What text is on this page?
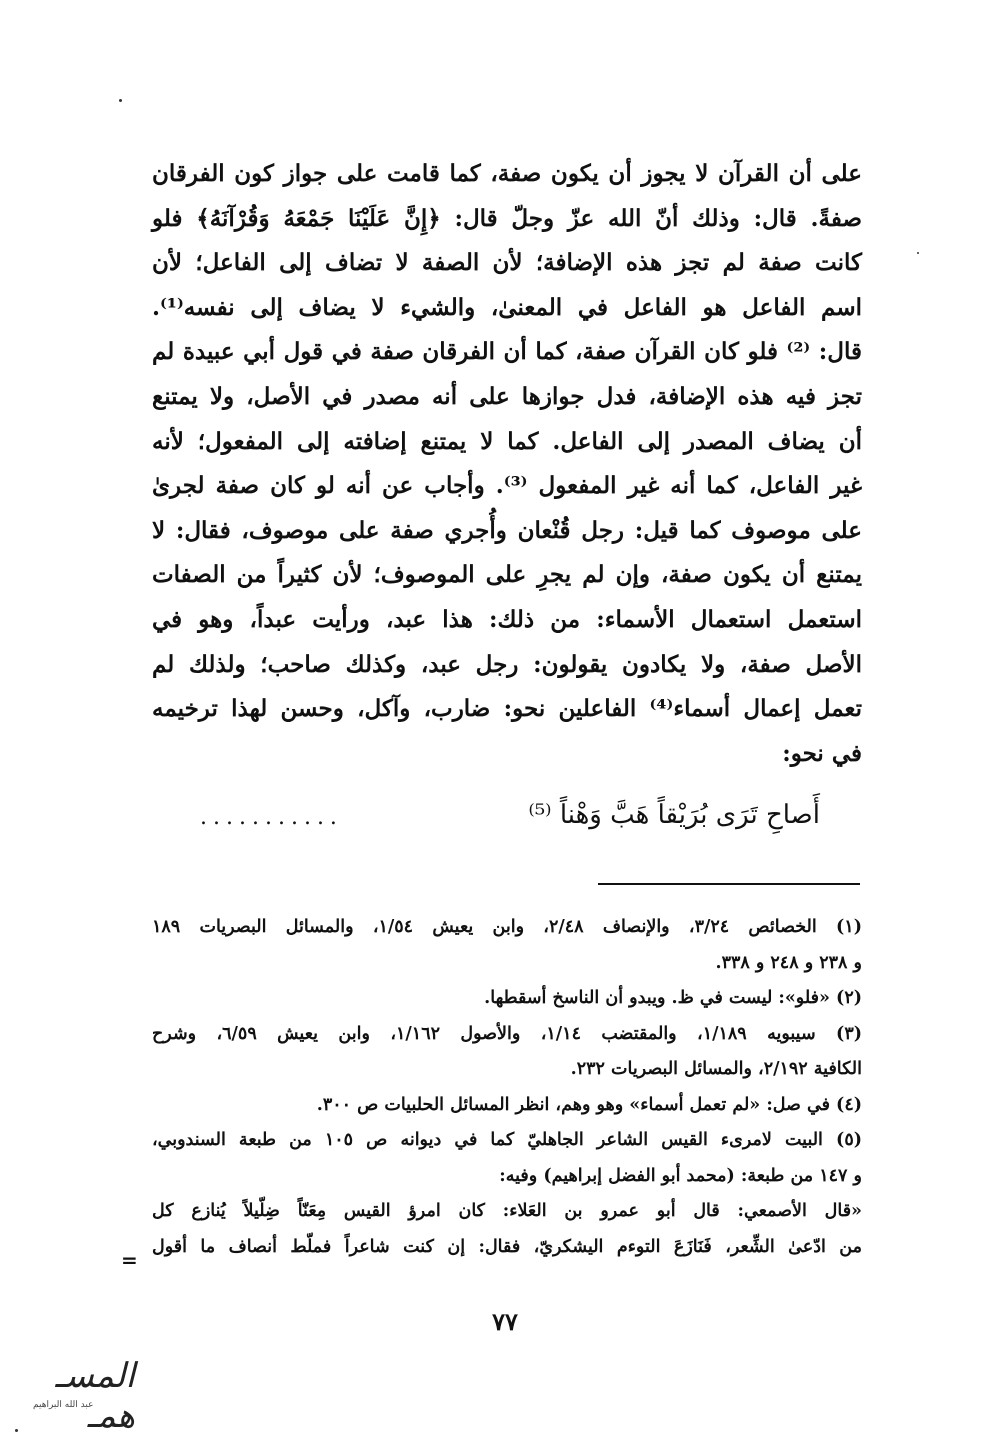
على أن القرآن لا يجوز أن يكون صفة، كما قامت على جواز كون الفرقان
صفةً. قال: وذلك أنّ الله عزّ وجلّ قال: ﴿إِنَّ عَلَيْنَا جَمْعَهُ وَقُرْآنَهُ﴾ فلو
كانت صفة لم تجز هذه الإضافة؛ لأن الصفة لا تضاف إلى الفاعل؛ لأن
اسم الفاعل هو الفاعل في المعنىٰ، والشيء لا يضاف إلى نفسه⁽¹⁾.
قال: ⁽²⁾ فلو كان القرآن صفة، كما أن الفرقان صفة في قول أبي عبيدة لم
تجز فيه هذه الإضافة، فدل جوازها على أنه مصدر في الأصل، ولا يمتنع
أن يضاف المصدر إلى الفاعل. كما لا يمتنع إضافته إلى المفعول؛ لأنه
غير الفاعل، كما أنه غير المفعول ⁽³⁾. وأجاب عن أنه لو كان صفة لجرىٰ
على موصوف كما قيل: رجل قُنْعان وأُجري صفة على موصوف، فقال: لا
يمتنع أن يكون صفة، وإن لم يجرِ على الموصوف؛ لأن كثيراً من الصفات
استعمل استعمال الأسماء: من ذلك: هذا عبد، ورأيت عبداً، وهو في
الأصل صفة، ولا يكادون يقولون: رجل عبد، وكذلك صاحب؛ ولذلك لم
تعمل إعمال أسماء⁽⁴⁾ الفاعلين نحو: ضارب، وآكل، وحسن لهذا ترخيمه
في نحو:
أَصاحِ تَرَى بُرَيْقاً هَبَّ وَهْناً ⁽⁵⁾
...........
(١) الخصائص ٣/٢٤، والإنصاف ٢/٤٨، وابن يعيش ١/٥٤، والمسائل البصريات ١٨٩
و ٢٣٨ و ٢٤٨ و ٣٣٨.
(٢) «فلو»: ليست في ظ. ويبدو أن الناسخ أسقطها.
(٣) سيبويه ١/١٨٩، والمقتضب ١/١٤، والأصول ١/١٦٢، وابن يعيش ٦/٥٩، وشرح
الكافية ٢/١٩٢، والمسائل البصريات ٢٣٢.
(٤) في صل: «لم تعمل أسماء» وهو وهم، انظر المسائل الحلبيات ص ٣٠٠.
(٥) البيت لامرىء القيس الشاعر الجاهليّ كما في ديوانه ص ١٠٥ من طبعة السندوبي،
و ١٤٧ من طبعة: (محمد أبو الفضل إبراهيم) وفيه:
«قال الأصمعي: قال أبو عمرو بن العَلاء: كان امرؤ القيس مِعَنّاً ضِلّيلاً يُنازع كل
من ادّعىٰ الشِّعر، فَنَازَعَ التوءم اليشكريّ، فقال: إن كنت شاعراً فملّط أنصاف ما أقول
=
٧٧
المسـ همـ
عبد الله البراهيم
